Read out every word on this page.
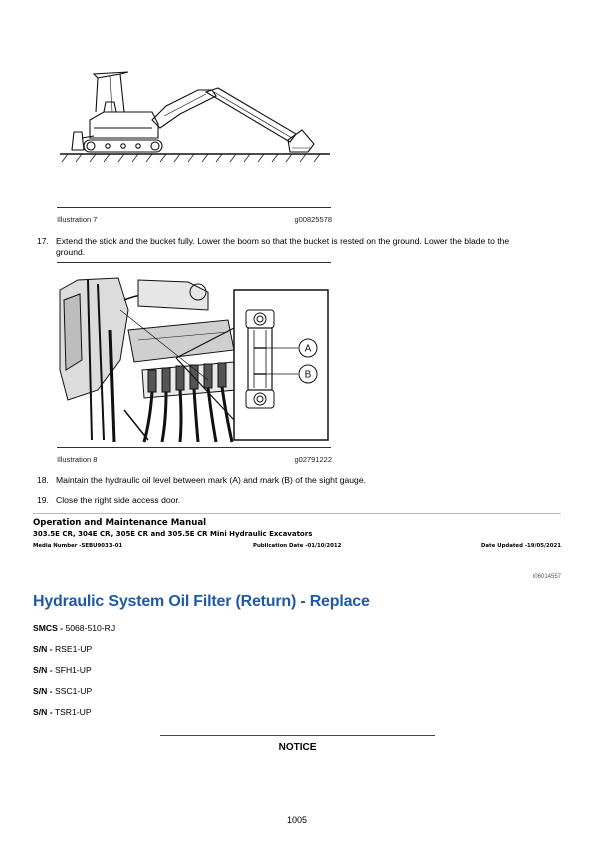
Illustration 7	g00825578
17. Extend the stick and the bucket fully. Lower the boom so that the bucket is rested on the ground. Lower the blade to the
ground.
A
B
Illustration 8	g02791222
18. Maintain the hydraulic oil level between mark (A) and mark (B) of the sight gauge.
19. Close the right side access door.
Operation and Maintenance Manual
303.5E CR, 304E CR, 305E CR and 305.5E CR Mini Hydraulic Excavators
Media Number -SEBU9033-01	Publication Date -01/10/2012	Date Updated -19/05/2021
i06014557
Hydraulic System Oil Filter (Return) - Replace
SMCS - 5068-510-RJ
S/N - RSE1-UP
S/N - SFH1-UP
S/N - SSC1-UP
S/N - TSR1-UP
NOTICE
1005
